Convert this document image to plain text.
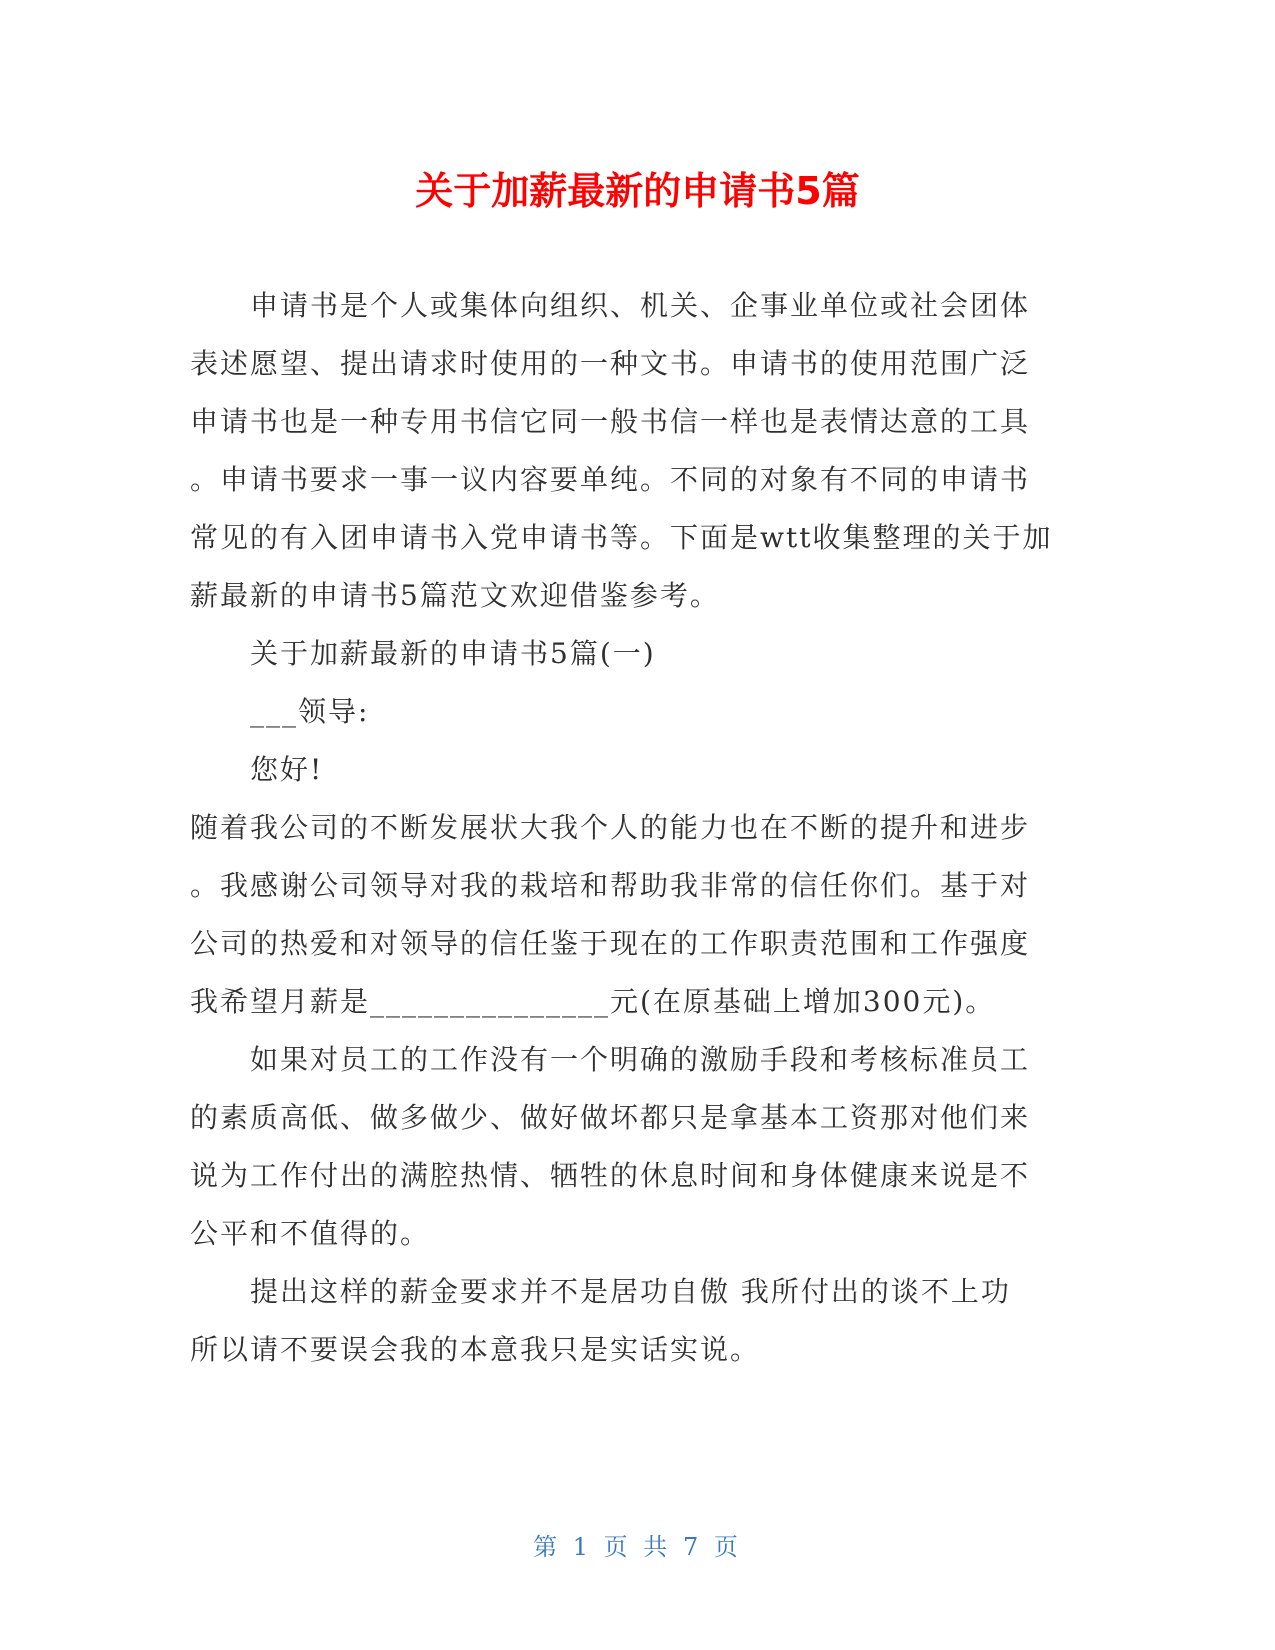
关于加薪最新的申请书5篇
申请书是个人或集体向组织、机关、企事业单位或社会团体
表述愿望、提出请求时使用的一种文书。申请书的使用范围广泛
申请书也是一种专用书信它同一般书信一样也是表情达意的工具
。申请书要求一事一议内容要单纯。不同的对象有不同的申请书
常见的有入团申请书入党申请书等。下面是wtt收集整理的关于加
薪最新的申请书5篇范文欢迎借鉴参考。
关于加薪最新的申请书5篇(一)
___领导:
您好!
随着我公司的不断发展状大我个人的能力也在不断的提升和进步
。我感谢公司领导对我的栽培和帮助我非常的信任你们。基于对
公司的热爱和对领导的信任鉴于现在的工作职责范围和工作强度
我希望月薪是_______________元(在原基础上增加300元)。
如果对员工的工作没有一个明确的激励手段和考核标准员工
的素质高低、做多做少、做好做坏都只是拿基本工资那对他们来
说为工作付出的满腔热情、牺牲的休息时间和身体健康来说是不
公平和不值得的。
提出这样的薪金要求并不是居功自傲 我所付出的谈不上功
所以请不要误会我的本意我只是实话实说。
第 1 页 共 7 页
